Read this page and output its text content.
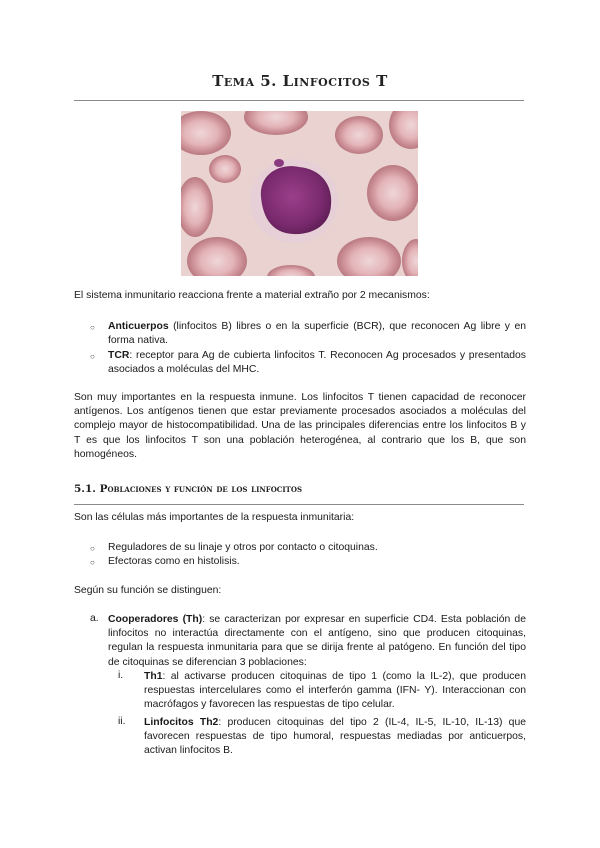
Tema 5. Linfocitos T
El sistema inmunitario reacciona frente a material extraño por 2 mecanismos:
○ Anticuerpos (linfocitos B) libres o en la superficie (BCR), que reconocen Ag libre y en forma nativa.
○ TCR: receptor para Ag de cubierta linfocitos T. Reconocen Ag procesados y presentados asociados a moléculas del MHC.
Son muy importantes en la respuesta inmune. Los linfocitos T tienen capacidad de reconocer antígenos. Los antígenos tienen que estar previamente procesados asociados a moléculas del complejo mayor de histocompatibilidad. Una de las principales diferencias entre los linfocitos B y T es que los linfocitos T son una población heterogénea, al contrario que los B, que son homogéneos.
5.1. Poblaciones y función de los linfocitos
Son las células más importantes de la respuesta inmunitaria:
○ Reguladores de su linaje y otros por contacto o citoquinas.
○ Efectoras como en histolisis.
Según su función se distinguen:
a. Cooperadores (Th): se caracterizan por expresar en superficie CD4. Esta población de linfocitos no interactúa directamente con el antígeno, sino que producen citoquinas, regulan la respuesta inmunitaria para que se dirija frente al patógeno. En función del tipo de citoquinas se diferencian 3 poblaciones:
i. Th1: al activarse producen citoquinas de tipo 1 (como la IL-2), que producen respuestas intercelulares como el interferón gamma (IFN- Y). Interaccionan con macrófagos y favorecen las respuestas de tipo celular.
ii. Linfocitos Th2: producen citoquinas del tipo 2 (IL-4, IL-5, IL-10, IL-13) que favorecen respuestas de tipo humoral, respuestas mediadas por anticuerpos, activan linfocitos B.
